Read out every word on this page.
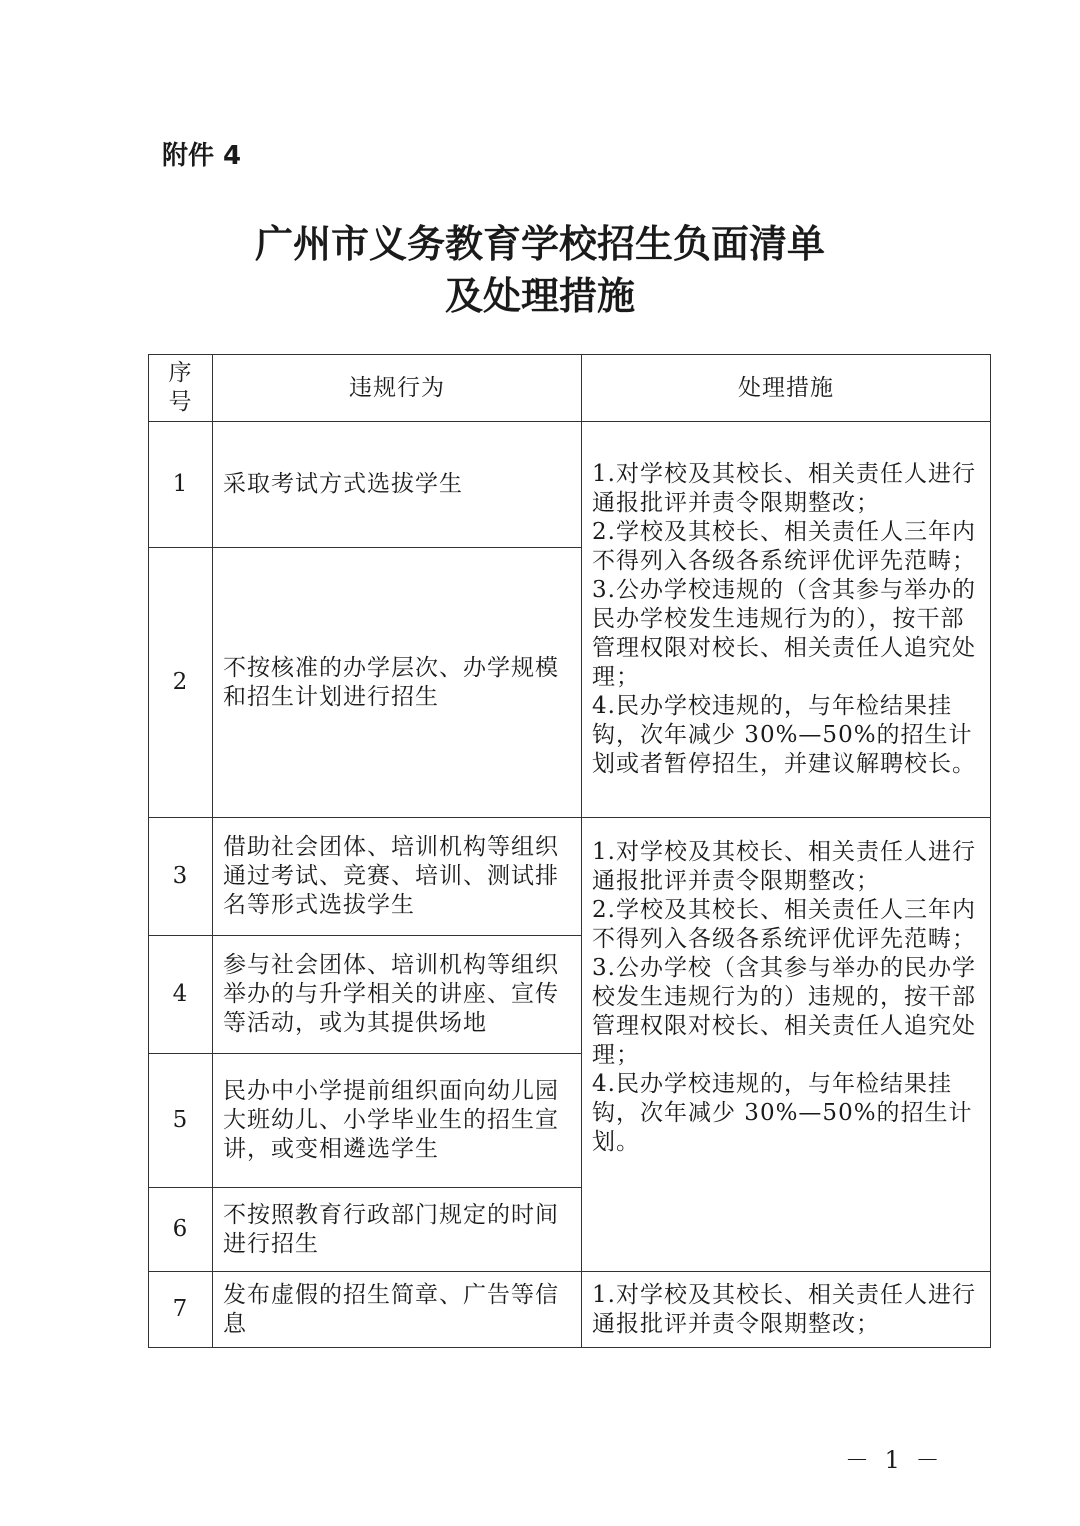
附件 4
广州市义务教育学校招生负面清单
及处理措施
序号	违规行为	处理措施
1	采取考试方式选拔学生	1.对学校及其校长、相关责任人进行通报批评并责令限期整改；
2.学校及其校长、相关责任人三年内不得列入各级各系统评优评先范畴；
3.公办学校违规的（含其参与举办的民办学校发生违规行为的），按干部管理权限对校长、相关责任人追究处理；
4.民办学校违规的，与年检结果挂钩，次年减少 30%—50%的招生计划或者暂停招生，并建议解聘校长。
2	不按核准的办学层次、办学规模和招生计划进行招生	
3	借助社会团体、培训机构等组织通过考试、竞赛、培训、测试排名等形式选拔学生	1.对学校及其校长、相关责任人进行通报批评并责令限期整改；
2.学校及其校长、相关责任人三年内不得列入各级各系统评优评先范畴；
3.公办学校（含其参与举办的民办学校发生违规行为的）违规的，按干部管理权限对校长、相关责任人追究处理；
4.民办学校违规的，与年检结果挂钩，次年减少 30%—50%的招生计划。
4	参与社会团体、培训机构等组织举办的与升学相关的讲座、宣传等活动，或为其提供场地	
5	民办中小学提前组织面向幼儿园大班幼儿、小学毕业生的招生宣讲，或变相遴选学生	
6	不按照教育行政部门规定的时间进行招生	
7	发布虚假的招生简章、广告等信息	1.对学校及其校长、相关责任人进行通报批评并责令限期整改；
－ 1 －
